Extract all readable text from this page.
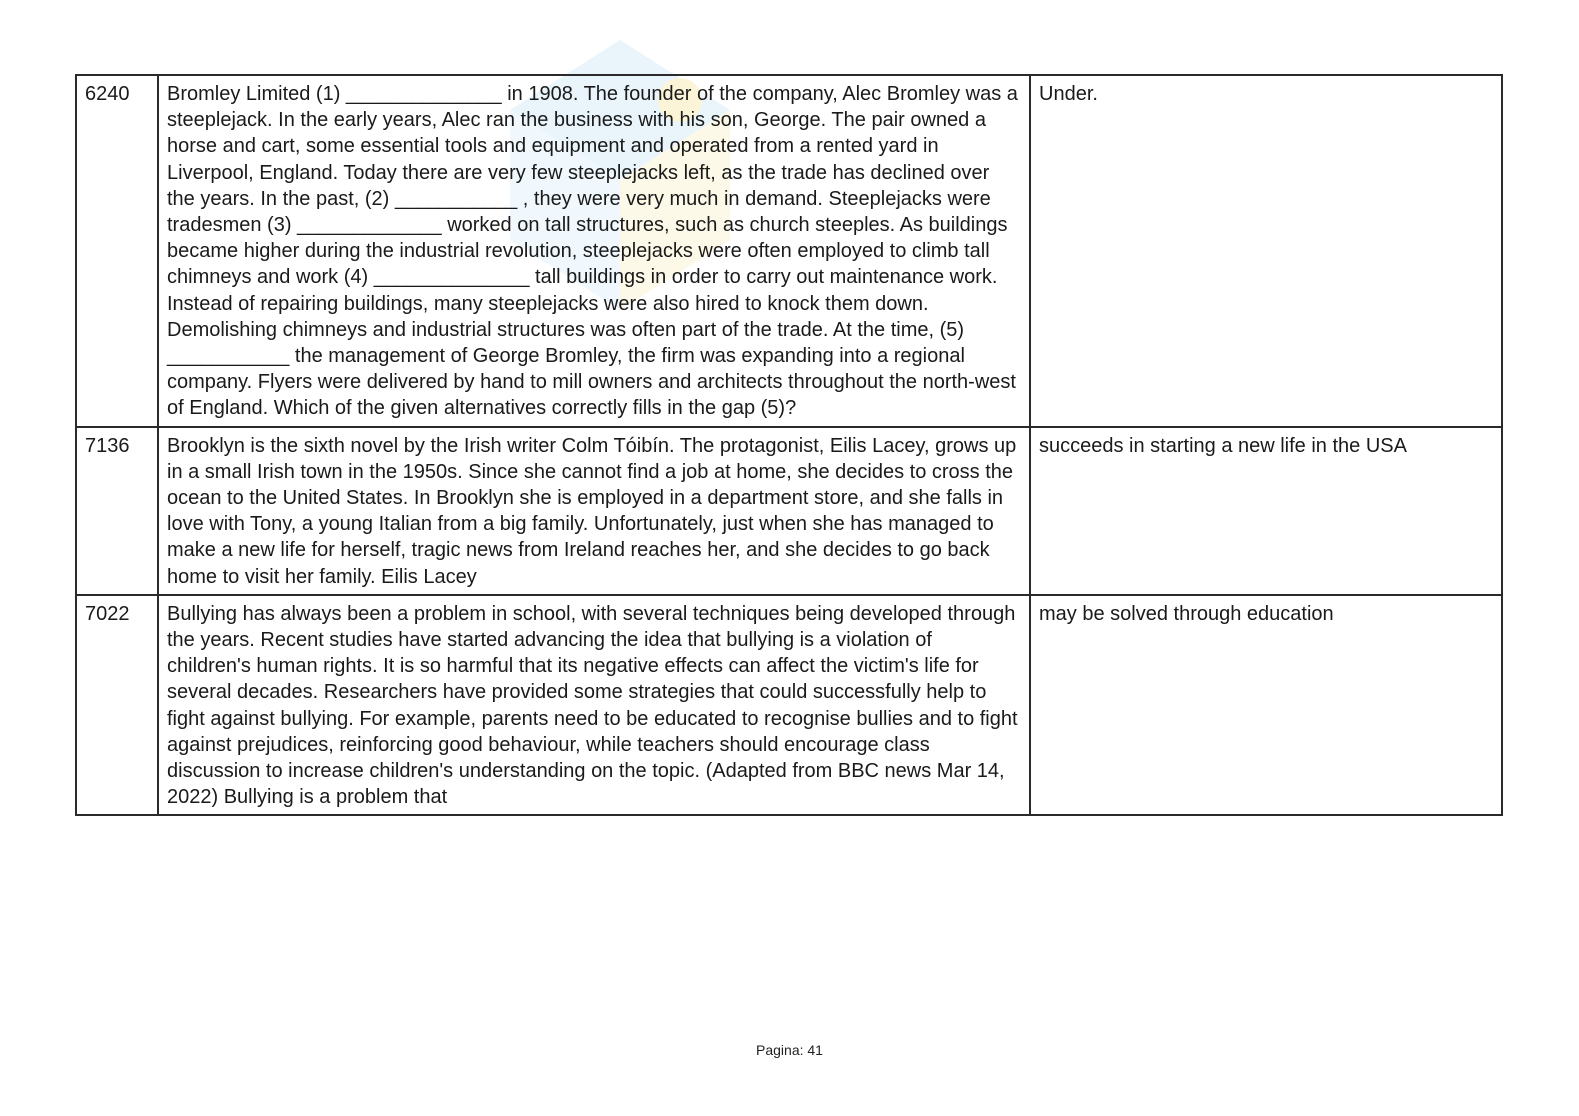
6240	Bromley Limited (1) ______________ in 1908. The founder of the company, Alec Bromley was a steeplejack. In the early years, Alec ran the business with his son, George. The pair owned a horse and cart, some essential tools and equipment and operated from a rented yard in Liverpool, England. Today there are very few steeplejacks left, as the trade has declined over the years. In the past, (2) ___________ , they were very much in demand. Steeplejacks were tradesmen (3) _____________ worked on tall structures, such as church steeples. As buildings became higher during the industrial revolution, steeplejacks were often employed to climb tall chimneys and work (4) ______________ tall buildings in order to carry out maintenance work. Instead of repairing buildings, many steeplejacks were also hired to knock them down. Demolishing chimneys and industrial structures was often part of the trade. At the time, (5) ___________ the management of George Bromley, the firm was expanding into a regional company. Flyers were delivered by hand to mill owners and architects throughout the north-west of England. Which of the given alternatives correctly fills in the gap (5)?	Under.
7136	Brooklyn is the sixth novel by the Irish writer Colm Tóibín. The protagonist, Eilis Lacey, grows up in a small Irish town in the 1950s. Since she cannot find a job at home, she decides to cross the ocean to the United States. In Brooklyn she is employed in a department store, and she falls in love with Tony, a young Italian from a big family. Unfortunately, just when she has managed to make a new life for herself, tragic news from Ireland reaches her, and she decides to go back home to visit her family. Eilis Lacey	succeeds in starting a new life in the USA
7022	Bullying has always been a problem in school, with several techniques being developed through the years. Recent studies have started advancing the idea that bullying is a violation of children's human rights. It is so harmful that its negative effects can affect the victim's life for several decades. Researchers have provided some strategies that could successfully help to fight against bullying. For example, parents need to be educated to recognise bullies and to fight against prejudices, reinforcing good behaviour, while teachers should encourage class discussion to increase children's understanding on the topic. (Adapted from BBC news Mar 14, 2022) Bullying is a problem that	may be solved through education
Pagina: 41
